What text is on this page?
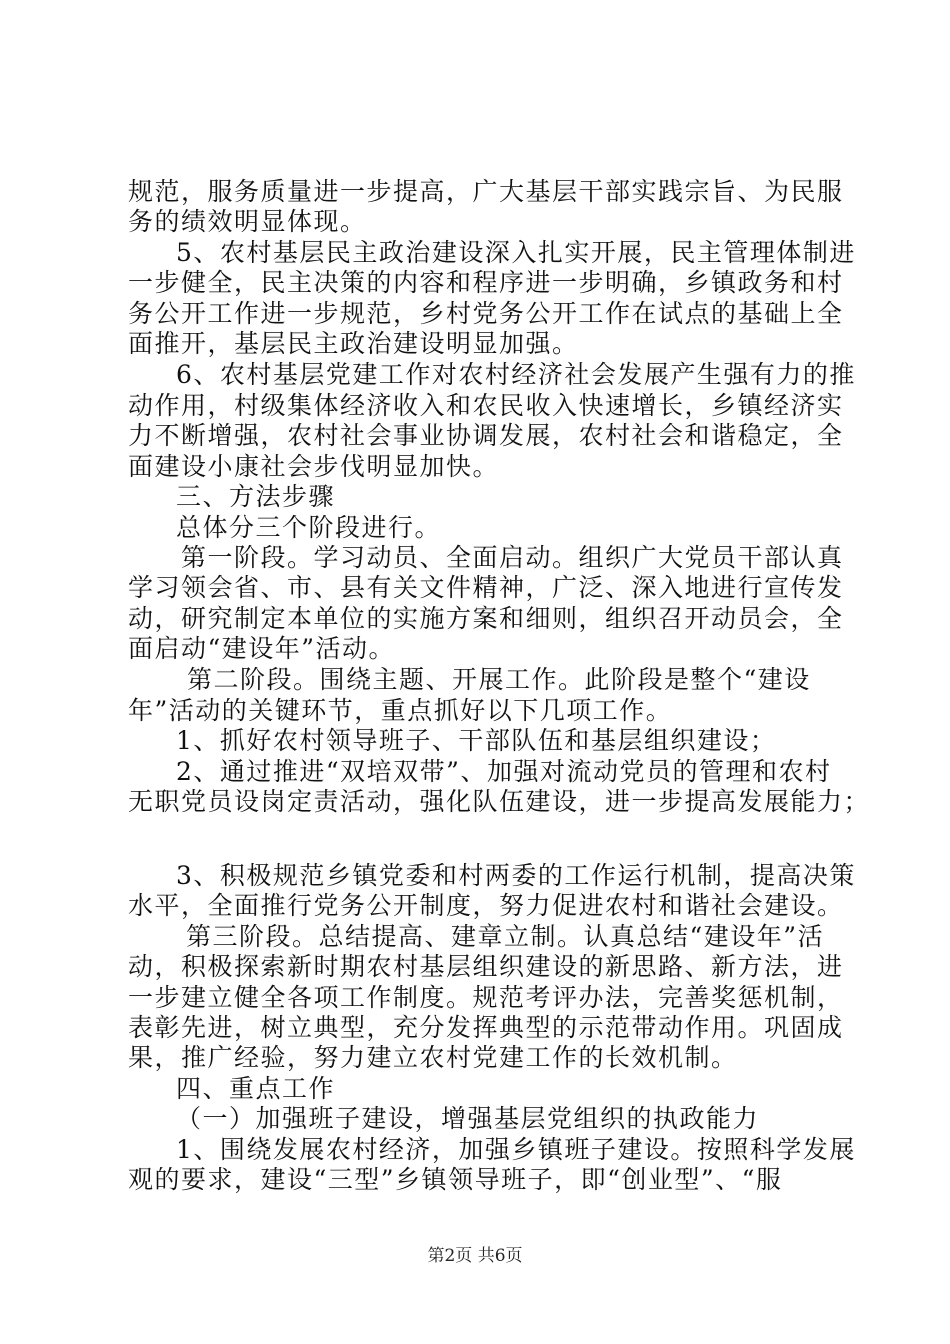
规范，服务质量进一步提高，广大基层干部实践宗旨、为民服
务的绩效明显体现。
5、农村基层民主政治建设深入扎实开展，民主管理体制进
一步健全，民主决策的内容和程序进一步明确，乡镇政务和村
务公开工作进一步规范，乡村党务公开工作在试点的基础上全
面推开，基层民主政治建设明显加强。
6、农村基层党建工作对农村经济社会发展产生强有力的推
动作用，村级集体经济收入和农民收入快速增长，乡镇经济实
力不断增强，农村社会事业协调发展，农村社会和谐稳定，全
面建设小康社会步伐明显加快。
三、方法步骤
总体分三个阶段进行。
第一阶段。学习动员、全面启动。组织广大党员干部认真
学习领会省、市、县有关文件精神，广泛、深入地进行宣传发
动，研究制定本单位的实施方案和细则，组织召开动员会，全
面启动“建设年”活动。
第二阶段。围绕主题、开展工作。此阶段是整个“建设
年”活动的关键环节，重点抓好以下几项工作。
1、抓好农村领导班子、干部队伍和基层组织建设；
2、通过推进“双培双带”、加强对流动党员的管理和农村
无职党员设岗定责活动，强化队伍建设，进一步提高发展能力；
3、积极规范乡镇党委和村两委的工作运行机制，提高决策
水平，全面推行党务公开制度，努力促进农村和谐社会建设。
第三阶段。总结提高、建章立制。认真总结“建设年”活
动，积极探索新时期农村基层组织建设的新思路、新方法，进
一步建立健全各项工作制度。规范考评办法，完善奖惩机制，
表彰先进，树立典型，充分发挥典型的示范带动作用。巩固成
果，推广经验，努力建立农村党建工作的长效机制。
四、重点工作
（一）加强班子建设，增强基层党组织的执政能力
1、围绕发展农村经济，加强乡镇班子建设。按照科学发展
观的要求，建设“三型”乡镇领导班子，即“创业型”、“服
第2页 共6页
